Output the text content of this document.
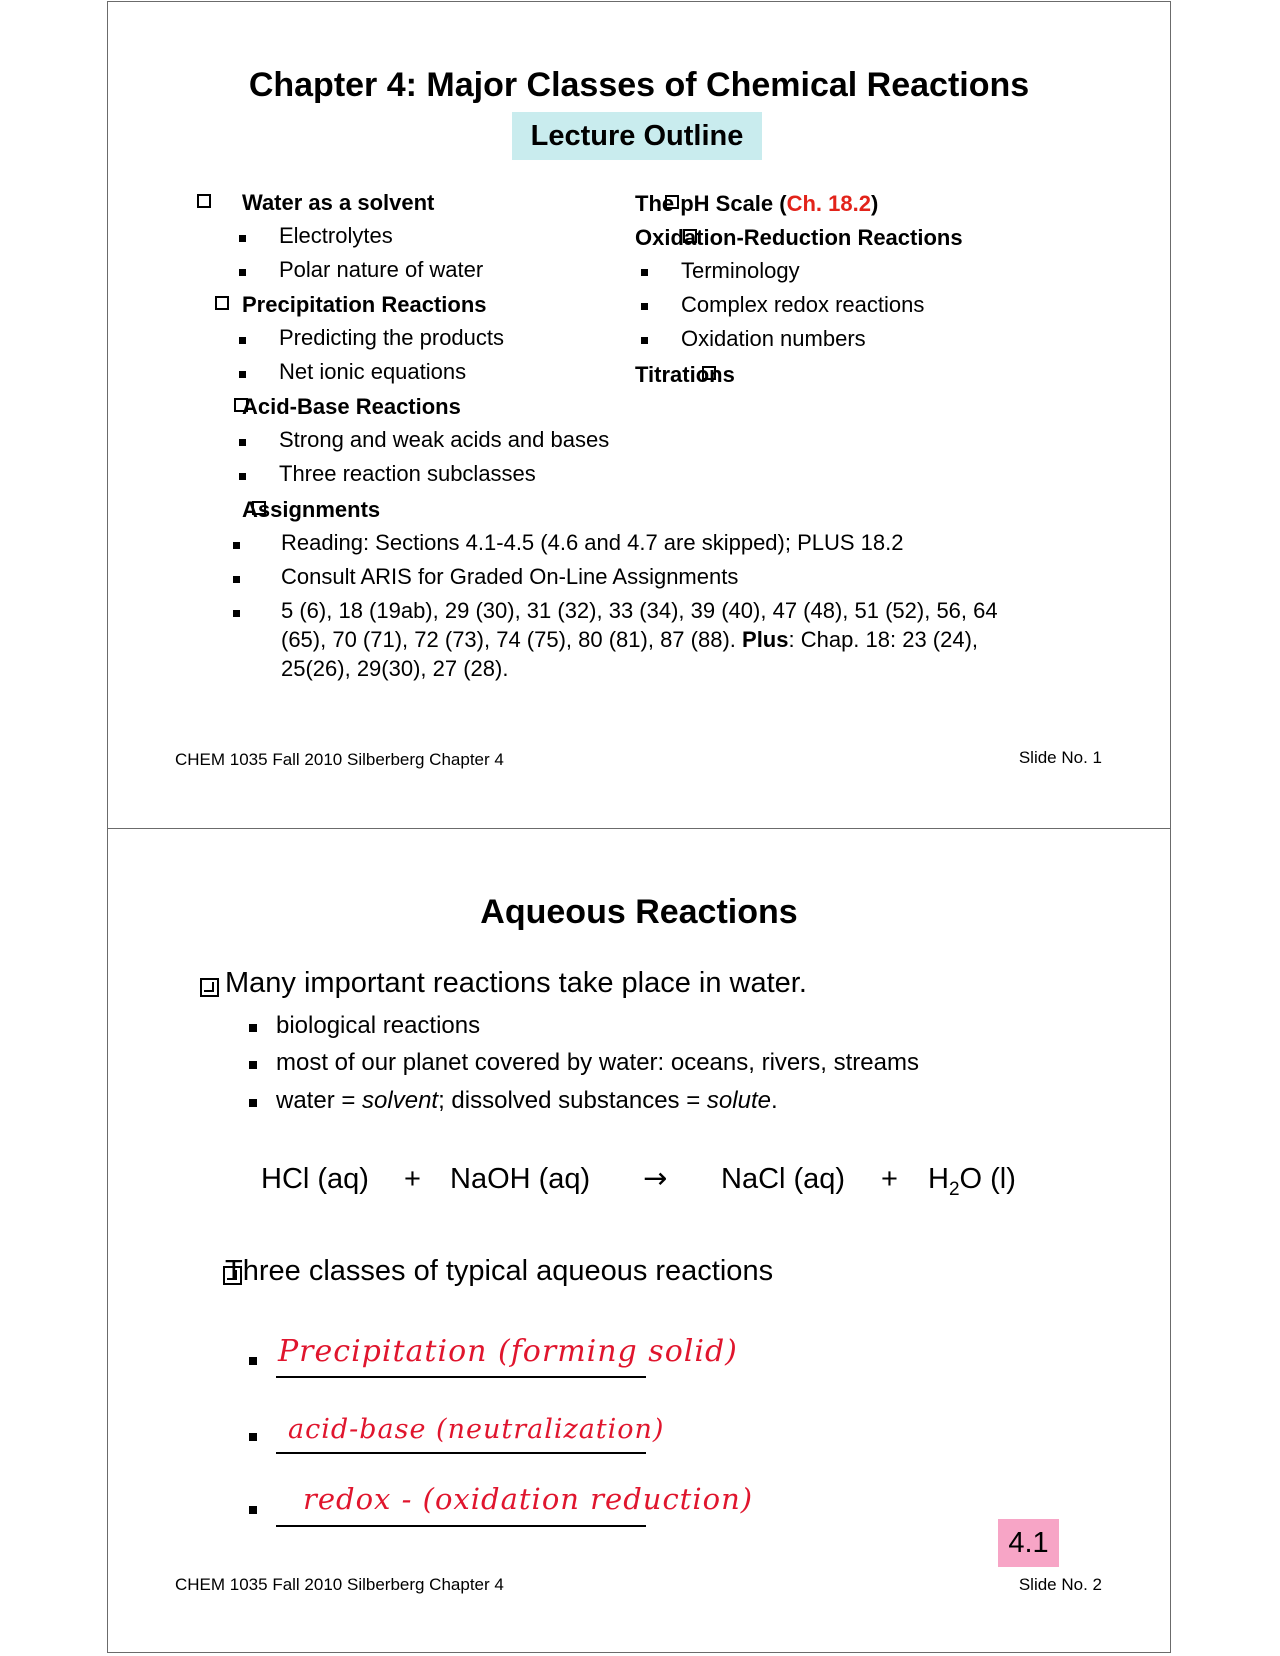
Chapter 4: Major Classes of Chemical Reactions
Lecture Outline

Water as a solvent
Electrolytes
Polar nature of water

Precipitation Reactions
Predicting the products
Net ionic equations

Acid-Base Reactions
Strong and weak acids and bases
Three reaction subclasses

Assignments
Reading: Sections 4.1-4.5 (4.6 and 4.7 are skipped); PLUS 18.2
Consult ARIS for Graded On-Line Assignments
5 (6), 18 (19ab), 29 (30), 31 (32), 33 (34), 39 (40), 47 (48), 51 (52), 56, 64
(65), 70 (71), 72 (73), 74 (75), 80 (81), 87 (88). Plus: Chap. 18: 23 (24),
25(26), 29(30), 27 (28).

The pH Scale (Ch. 18.2)

Oxidation-Reduction Reactions
Terminology
Complex redox reactions
Oxidation numbers
Titrations
CHEM 1035 Fall 2010 Silberberg Chapter 4	Slide No. 1
Aqueous Reactions

Many important reactions take place in water.
biological reactions
most of our planet covered by water: oceans, rivers, streams
water = solvent; dissolved substances = solute.
HCl (aq) + NaOH (aq) → NaCl $(aq) + H_2O$ (l)
Three classes of typical aqueous reactions
Precipitation (forming solid)
acid-base (neutralization)
redox - (oxidation reduction)
4.1
CHEM 1035 Fall 2010 Silberberg Chapter 4	Slide No. 2
